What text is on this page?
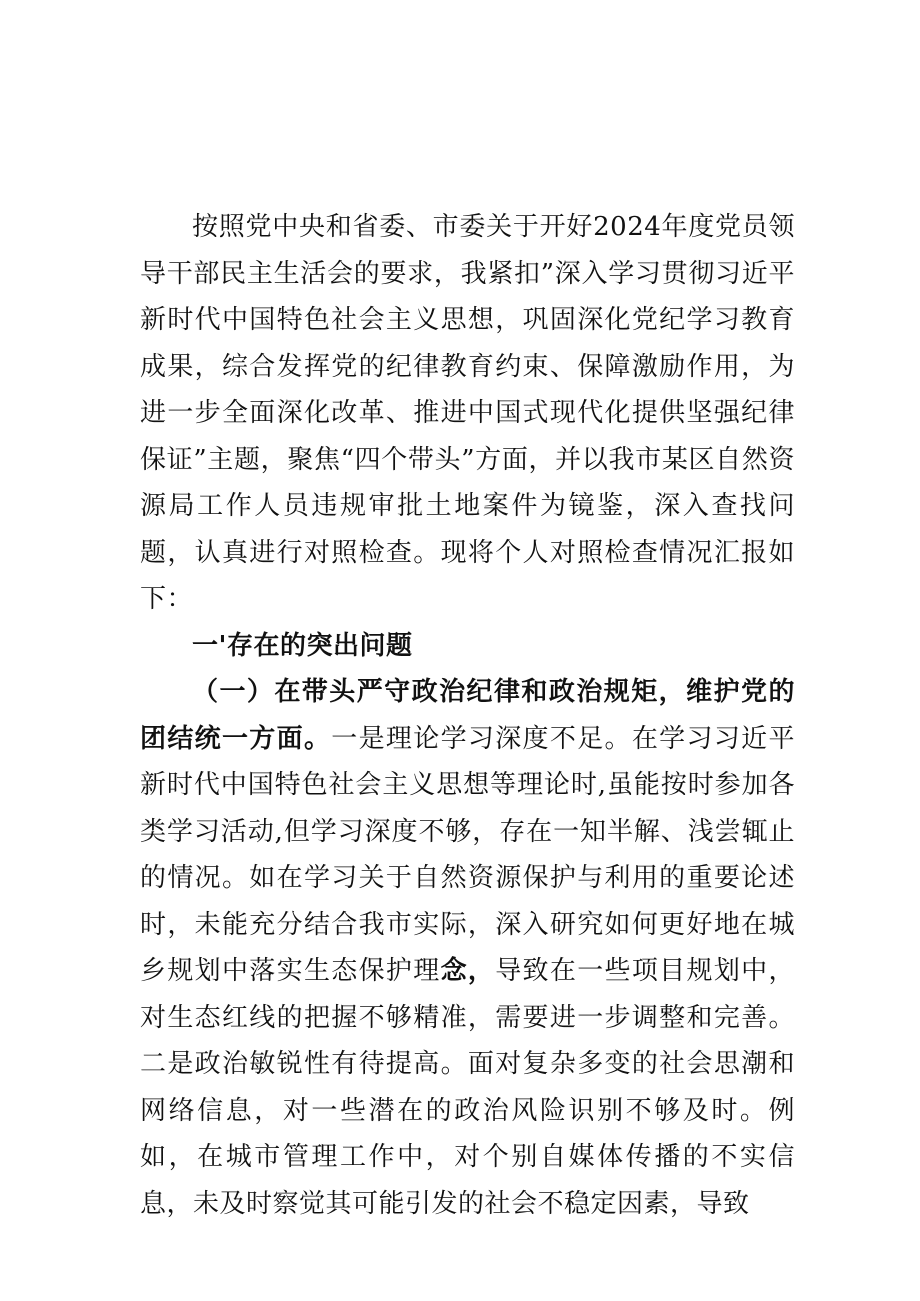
按照党中央和省委、市委关于开好2024年度党员领导干部民主生活会的要求，我紧扣”深入学习贯彻习近平新时代中国特色社会主义思想，巩固深化党纪学习教育成果，综合发挥党的纪律教育约束、保障激励作用，为进一步全面深化改革、推进中国式现代化提供坚强纪律保证”主题，聚焦“四个带头”方面，并以我市某区自然资源局工作人员违规审批土地案件为镜鉴，深入查找问题，认真进行对照检查。现将个人对照检查情况汇报如下：

一'存在的突出问题

（一）在带头严守政治纪律和政治规矩，维护党的团结统一方面。一是理论学习深度不足。在学习习近平新时代中国特色社会主义思想等理论时,虽能按时参加各类学习活动,但学习深度不够，存在一知半解、浅尝辄止的情况。如在学习关于自然资源保护与利用的重要论述时，未能充分结合我市实际，深入研究如何更好地在城乡规划中落实生态保护理念，导致在一些项目规划中，对生态红线的把握不够精准，需要进一步调整和完善。二是政治敏锐性有待提高。面对复杂多变的社会思潮和网络信息，对一些潜在的政治风险识别不够及时。例如，在城市管理工作中，对个别自媒体传播的不实信息，未及时察觉其可能引发的社会不稳定因素，导致
